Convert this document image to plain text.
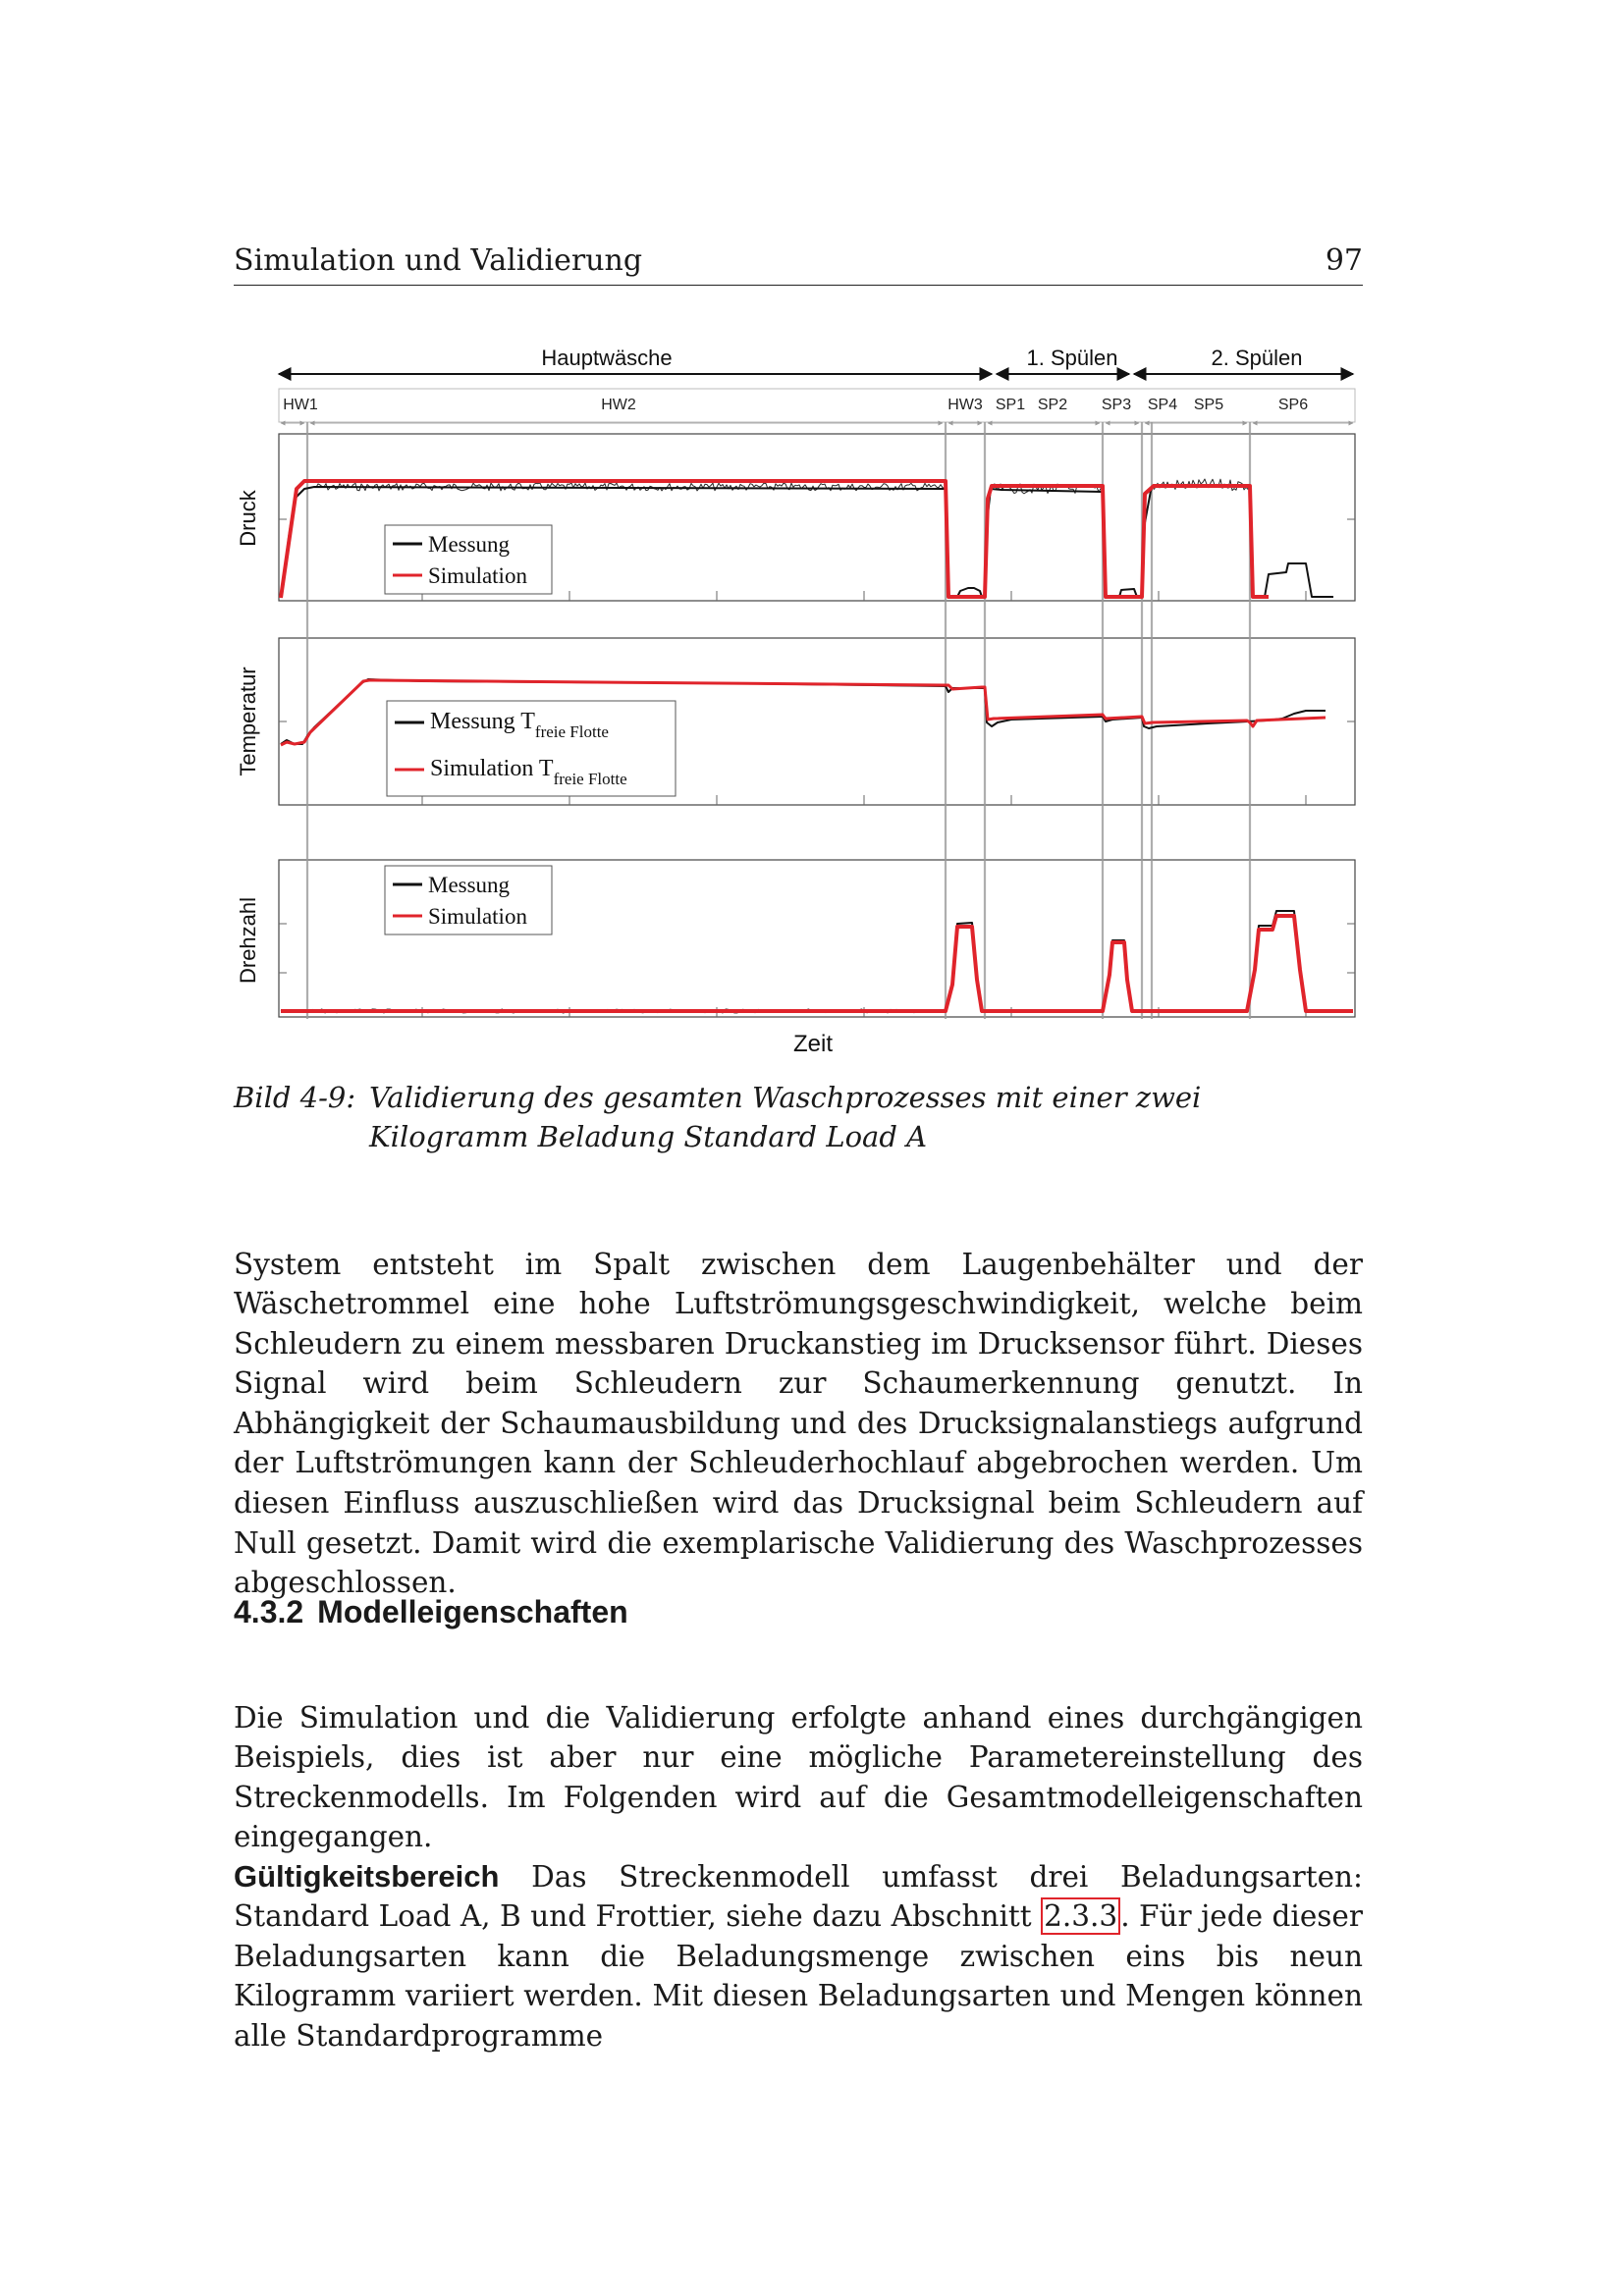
Simulation und Validierung	97
Hauptwäsche	1. Spülen	2. Spülen
HW1	HW2	HW3 SP1 SP2 SP3 SP4 SP5	SP6
Druck
Temperatur
Drehzahl
Messung
Simulation
Messung $T_{freie Flotte}$
Simulation $T_{freie Flotte}$
Messung
Simulation
Zeit
Bild 4-9: Validierung des gesamten Waschprozesses mit einer zwei Kilogramm Beladung Standard Load A

System entsteht im Spalt zwischen dem Laugenbehälter und der Wäschetrommel eine hohe Luftströmungsgeschwindigkeit, welche beim Schleudern zu einem messbaren Druckanstieg im Drucksensor führt. Dieses Signal wird beim Schleudern zur Schaumerkennung genutzt. In Abhängigkeit der Schaumausbildung und des Drucksignalanstiegs aufgrund der Luftströmungen kann der Schleuderhochlauf abgebrochen werden. Um diesen Einfluss auszuschließen wird das Drucksignal beim Schleudern auf Null gesetzt. Damit wird die exemplarische Validierung des Waschprozesses abgeschlossen.

4.3.2 Modelleigenschaften

Die Simulation und die Validierung erfolgte anhand eines durchgängigen Beispiels, dies ist aber nur eine mögliche Parametereinstellung des Streckenmodells. Im Folgenden wird auf die Gesamtmodelleigenschaften eingegangen.

Gültigkeitsbereich Das Streckenmodell umfasst drei Beladungsarten: Standard Load A, B und Frottier, siehe dazu Abschnitt 2.3.3 . Für jede dieser Beladungsarten kann die Beladungsmenge zwischen eins bis neun Kilogramm variiert werden. Mit diesen Beladungsarten und Mengen können alle Standardprogramme
